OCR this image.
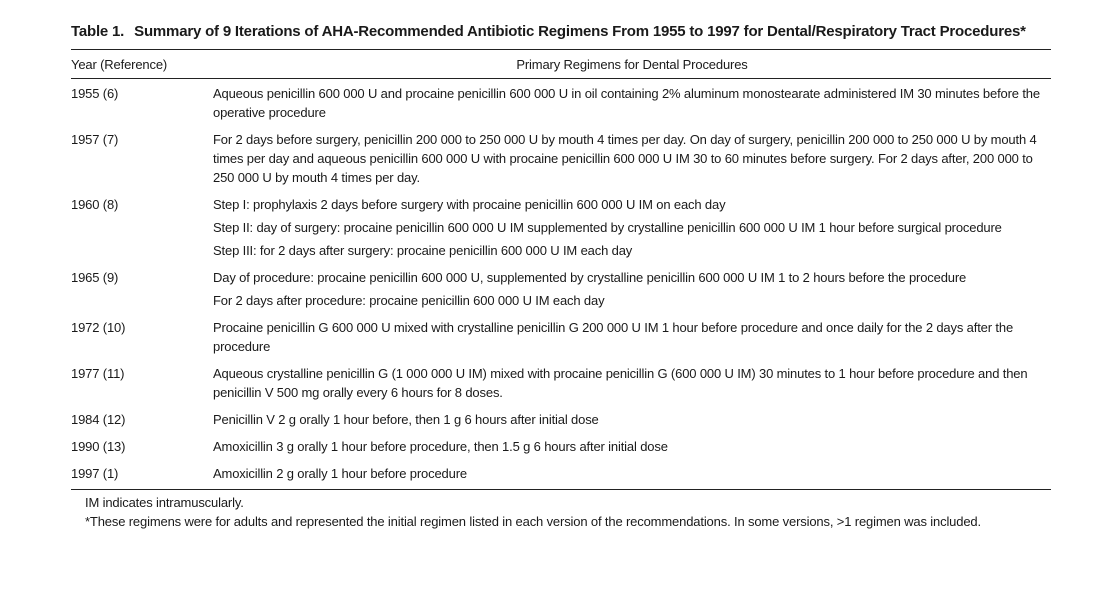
Table 1. Summary of 9 Iterations of AHA-Recommended Antibiotic Regimens From 1955 to 1997 for Dental/Respiratory Tract Procedures*

Year (Reference)	Primary Regimens for Dental Procedures
1955 (6)	Aqueous penicillin 600 000 U and procaine penicillin 600 000 U in oil containing 2% aluminum monostearate administered IM 30 minutes before the operative procedure

1957 (7)	For 2 days before surgery, penicillin 200 000 to 250 000 U by mouth 4 times per day. On day of surgery, penicillin 200 000 to 250 000 U by mouth 4 times per day and aqueous penicillin 600 000 U with procaine penicillin 600 000 U IM 30 to 60 minutes before surgery. For 2 days after, 200 000 to 250 000 U by mouth 4 times per day.

1960 (8)	Step I: prophylaxis 2 days before surgery with procaine penicillin 600 000 U IM on each day
Step II: day of surgery: procaine penicillin 600 000 U IM supplemented by crystalline penicillin 600 000 U IM 1 hour before surgical procedure
Step III: for 2 days after surgery: procaine penicillin 600 000 U IM each day

1965 (9)	Day of procedure: procaine penicillin 600 000 U, supplemented by crystalline penicillin 600 000 U IM 1 to 2 hours before the procedure
For 2 days after procedure: procaine penicillin 600 000 U IM each day

1972 (10)	Procaine penicillin G 600 000 U mixed with crystalline penicillin G 200 000 U IM 1 hour before procedure and once daily for the 2 days after the procedure

1977 (11)	Aqueous crystalline penicillin G (1 000 000 U IM) mixed with procaine penicillin G (600 000 U IM) 30 minutes to 1 hour before procedure and then penicillin V 500 mg orally every 6 hours for 8 doses.

1984 (12)	Penicillin V 2 g orally 1 hour before, then 1 g 6 hours after initial dose

1990 (13)	Amoxicillin 3 g orally 1 hour before procedure, then 1.5 g 6 hours after initial dose

1997 (1)	Amoxicillin 2 g orally 1 hour before procedure
IM indicates intramuscularly.
*These regimens were for adults and represented the initial regimen listed in each version of the recommendations. In some versions, >1 regimen was included.
